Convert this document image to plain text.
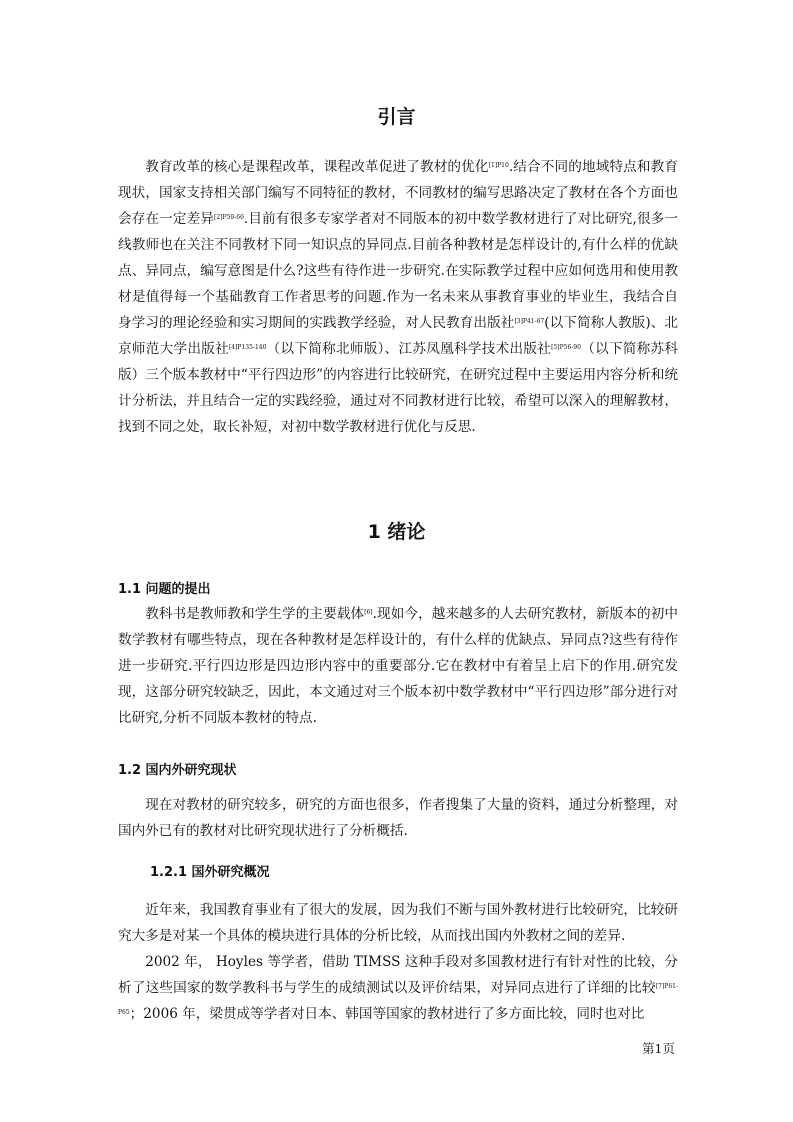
引言

教育改革的核心是课程改革，课程改革促进了教材的优化$^{[1]P10}$.结合不同的地域特点和教育现状，国家支持相关部门编写不同特征的教材，不同教材的编写思路决定了教材在各个方面也会存在一定差异$^{[2]P59-66}$.目前有很多专家学者对不同版本的初中数学教材进行了对比研究,很多一线教师也在关注不同教材下同一知识点的异同点.目前各种教材是怎样设计的,有什么样的优缺点、异同点，编写意图是什么?这些有待作进一步研究.在实际教学过程中应如何选用和使用教材是值得每一个基础教育工作者思考的问题.作为一名未来从事教育事业的毕业生，我结合自身学习的理论经验和实习期间的实践教学经验，对人民教育出版社$^{[3]P41-67}$(以下简称人教版)、北京师范大学出版社$^{[4]P135-140}$（以下简称北师版）、江苏凤凰科学技术出版社$^{[5]P56-90}$（以下简称苏科版）三个版本教材中“平行四边形”的内容进行比较研究，在研究过程中主要运用内容分析和统计分析法，并且结合一定的实践经验，通过对不同教材进行比较，希望可以深入的理解教材，找到不同之处，取长补短，对初中数学教材进行优化与反思.

1 绪论
1.1 问题的提出

教科书是教师教和学生学的主要载体[6].现如今，越来越多的人去研究教材，新版本的初中数学教材有哪些特点，现在各种教材是怎样设计的，有什么样的优缺点、异同点?这些有待作进一步研究.平行四边形是四边形内容中的重要部分.它在教材中有着呈上启下的作用.研究发现，这部分研究较缺乏，因此，本文通过对三个版本初中数学教材中“平行四边形”部分进行对比研究,分析不同版本教材的特点.

1.2 国内外研究现状

现在对教材的研究较多，研究的方面也很多，作者搜集了大量的资料，通过分析整理，对国内外已有的教材对比研究现状进行了分析概括.

1.2.1 国外研究概况

近年来，我国教育事业有了很大的发展，因为我们不断与国外教材进行比较研究，比较研究大多是对某一个具体的模块进行具体的分析比较，从而找出国内外教材之间的差异.

2002 年， Hoyles 等学者，借助 TIMSS 这种手段对多国教材进行有针对性的比较，分析了这些国家的数学教科书与学生的成绩测试以及评价结果，对异同点进行了详细的比较$^{[7]P61-P65}$；2006 年，梁贯成等学者对日本、韩国等国家的教材进行了多方面比较，同时也对比

第1页
